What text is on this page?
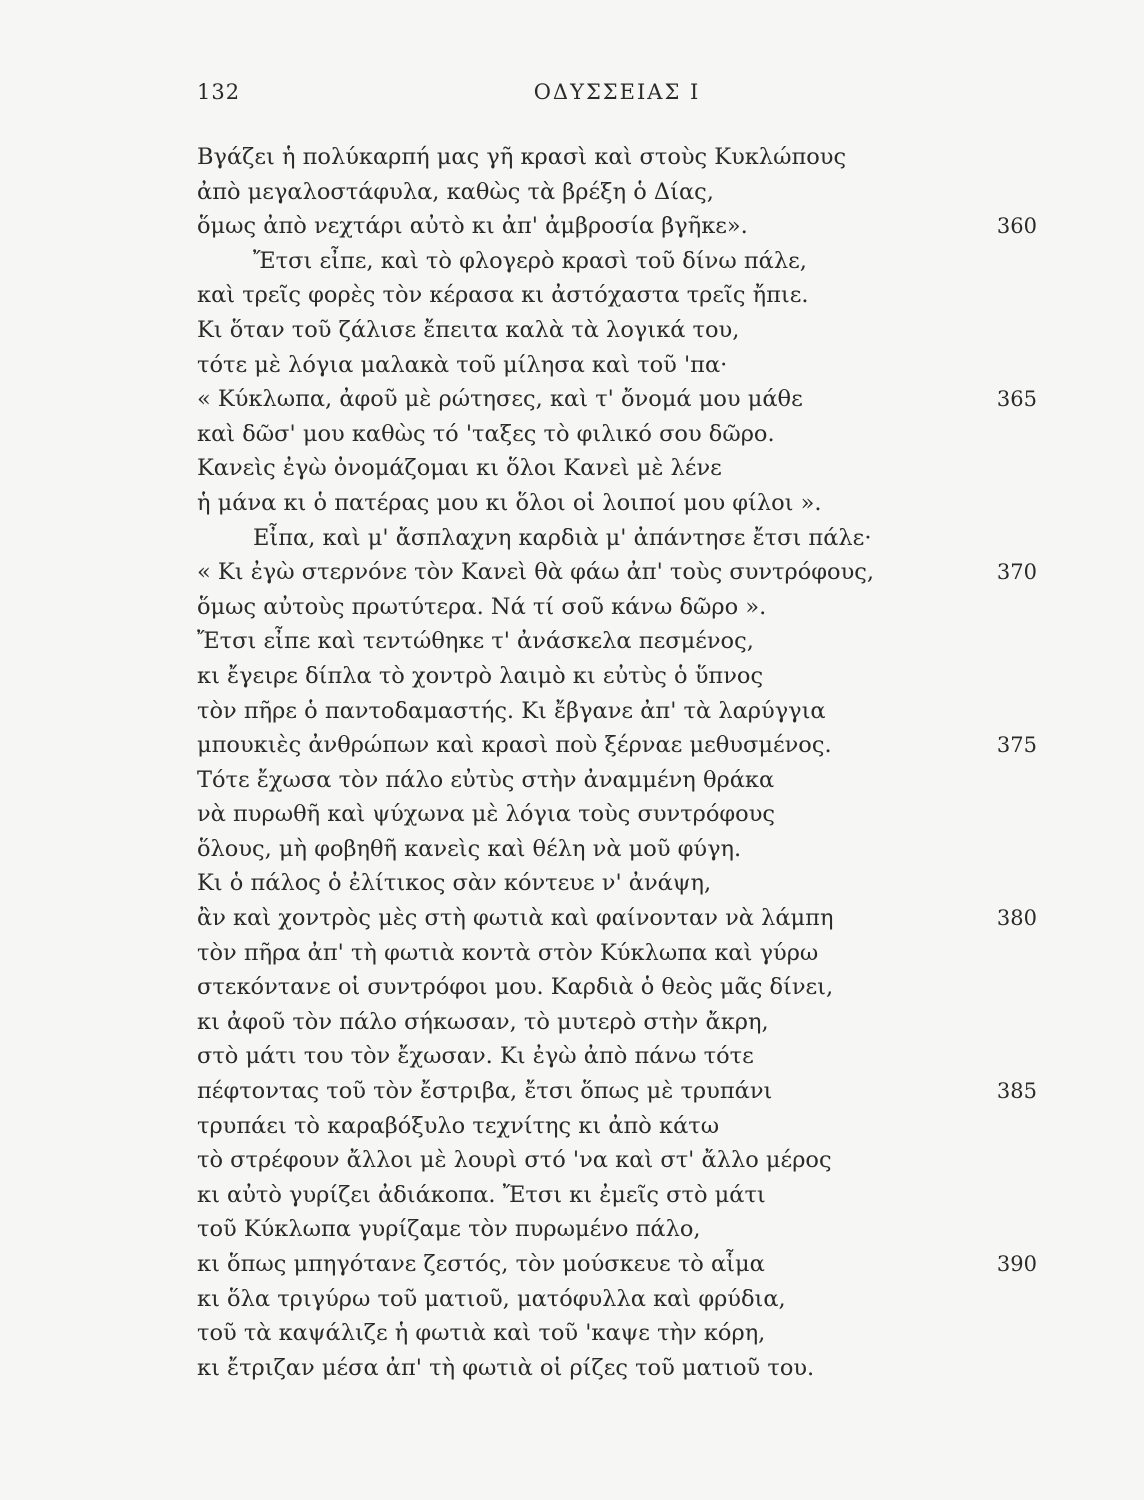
132	ΟΔΥΣΣΕΙΑΣ Ι
Βγάζει ἡ πολύκαρπή μας γῆ κρασὶ καὶ στοὺς Κυκλώπους
ἀπὸ μεγαλοστάφυλα, καθὼς τὰ βρέξη ὁ Δίας,
ὅμως ἀπὸ νεχτάρι αὐτὸ κι ἀπ' ἀμβροσία βγῆκε».	360
Ἔτσι εἶπε, καὶ τὸ φλογερὸ κρασὶ τοῦ δίνω πάλε,
καὶ τρεῖς φορὲς τὸν κέρασα κι ἀστόχαστα τρεῖς ἤπιε.
Κι ὅταν τοῦ ζάλισε ἔπειτα καλὰ τὰ λογικά του,
τότε μὲ λόγια μαλακὰ τοῦ μίλησα καὶ τοῦ 'πα·
« Κύκλωπα, ἀφοῦ μὲ ρώτησες, καὶ τ' ὄνομά μου μάθε	365
καὶ δῶσ' μου καθὼς τό 'ταξες τὸ φιλικό σου δῶρο.
Κανεὶς ἐγὼ ὀνομάζομαι κι ὅλοι Κανεὶ μὲ λένε
ἡ μάνα κι ὁ πατέρας μου κι ὅλοι οἱ λοιποί μου φίλοι ».
Εἶπα, καὶ μ' ἄσπλαχνη καρδιὰ μ' ἀπάντησε ἔτσι πάλε·
« Κι ἐγὼ στερνόνε τὸν Κανεὶ θὰ φάω ἀπ' τοὺς συντρόφους,	370
ὅμως αὐτοὺς πρωτύτερα. Νά τί σοῦ κάνω δῶρο ».
Ἔτσι εἶπε καὶ τεντώθηκε τ' ἀνάσκελα πεσμένος,
κι ἔγειρε δίπλα τὸ χοντρὸ λαιμὸ κι εὐτὺς ὁ ὕπνος
τὸν πῆρε ὁ παντοδαμαστής. Κι ἔβγανε ἀπ' τὰ λαρύγγια
μπουκιὲς ἀνθρώπων καὶ κρασὶ ποὺ ξέρναε μεθυσμένος.	375
Τότε ἔχωσα τὸν πάλο εὐτὺς στὴν ἀναμμένη θράκα
νὰ πυρωθῆ καὶ ψύχωνα μὲ λόγια τοὺς συντρόφους
ὅλους, μὴ φοβηθῆ κανεὶς καὶ θέλη νὰ μοῦ φύγη.
Κι ὁ πάλος ὁ ἐλίτικος σὰν κόντευε ν' ἀνάψη,
ἂν καὶ χοντρὸς μὲς στὴ φωτιὰ καὶ φαίνονταν νὰ λάμπη	380
τὸν πῆρα ἀπ' τὴ φωτιὰ κοντὰ στὸν Κύκλωπα καὶ γύρω
στεκόντανε οἱ συντρόφοι μου. Καρδιὰ ὁ θεὸς μᾶς δίνει,
κι ἀφοῦ τὸν πάλο σήκωσαν, τὸ μυτερὸ στὴν ἄκρη,
στὸ μάτι του τὸν ἔχωσαν. Κι ἐγὼ ἀπὸ πάνω τότε
πέφτοντας τοῦ τὸν ἔστριβα, ἔτσι ὅπως μὲ τρυπάνι	385
τρυπάει τὸ καραβόξυλο τεχνίτης κι ἀπὸ κάτω
τὸ στρέφουν ἄλλοι μὲ λουρὶ στό 'να καὶ στ' ἄλλο μέρος
κι αὐτὸ γυρίζει ἀδιάκοπα. Ἔτσι κι ἐμεῖς στὸ μάτι
τοῦ Κύκλωπα γυρίζαμε τὸν πυρωμένο πάλο,
κι ὅπως μπηγότανε ζεστός, τὸν μούσκευε τὸ αἷμα	390
κι ὅλα τριγύρω τοῦ ματιοῦ, ματόφυλλα καὶ φρύδια,
τοῦ τὰ καψάλιζε ἡ φωτιὰ καὶ τοῦ 'καψε τὴν κόρη,
κι ἔτριζαν μέσα ἀπ' τὴ φωτιὰ οἱ ρίζες τοῦ ματιοῦ του.
